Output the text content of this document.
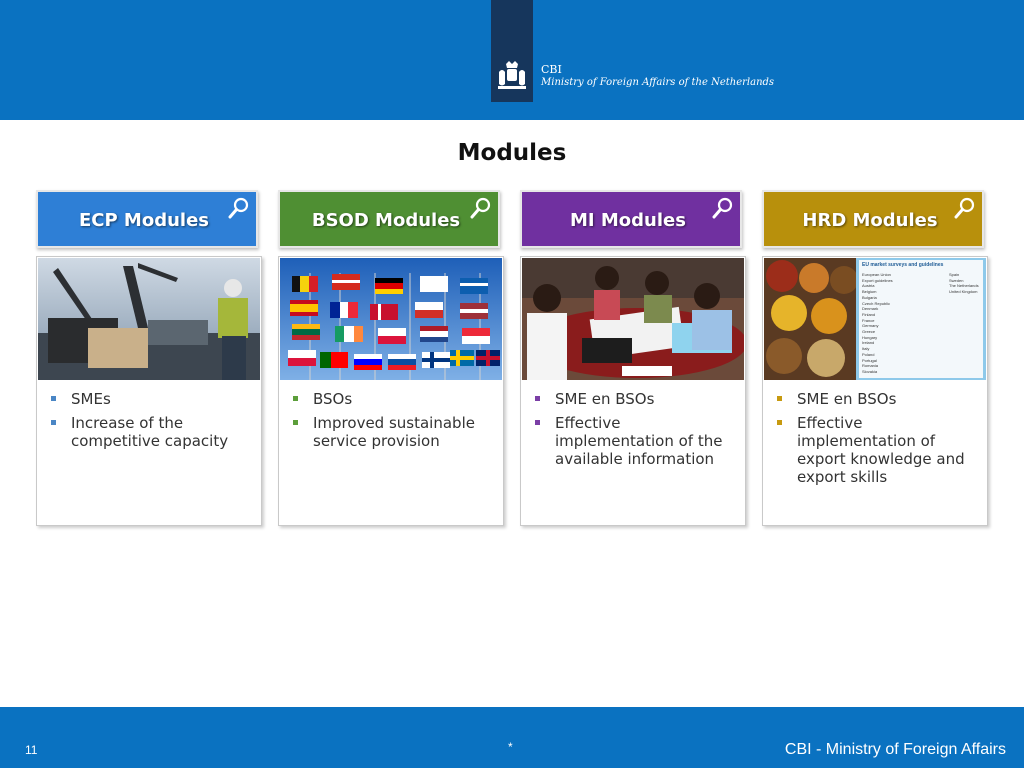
CBI
Ministry of Foreign Affairs of the Netherlands
Modules
ECP Modules
SMEs
Increase of the competitive capacity
BSOD Modules
BSOs
Improved sustainable service provision
MI Modules
SME en BSOs
Effective implementation of the available information
HRD Modules
EU market surveys and guidelines
European Union
Export guidelines
Austria
Belgium
Bulgaria
Czech Republic
Denmark
Finland
France
Germany
Greece
Hungary
Ireland
Italy
Poland
Portugal
Romania
Slovakia
Spain
Sweden
The Netherlands
United Kingdom
SME en BSOs
Effective implementation of export knowledge and export skills
11	*	CBI - Ministry of Foreign Affairs
